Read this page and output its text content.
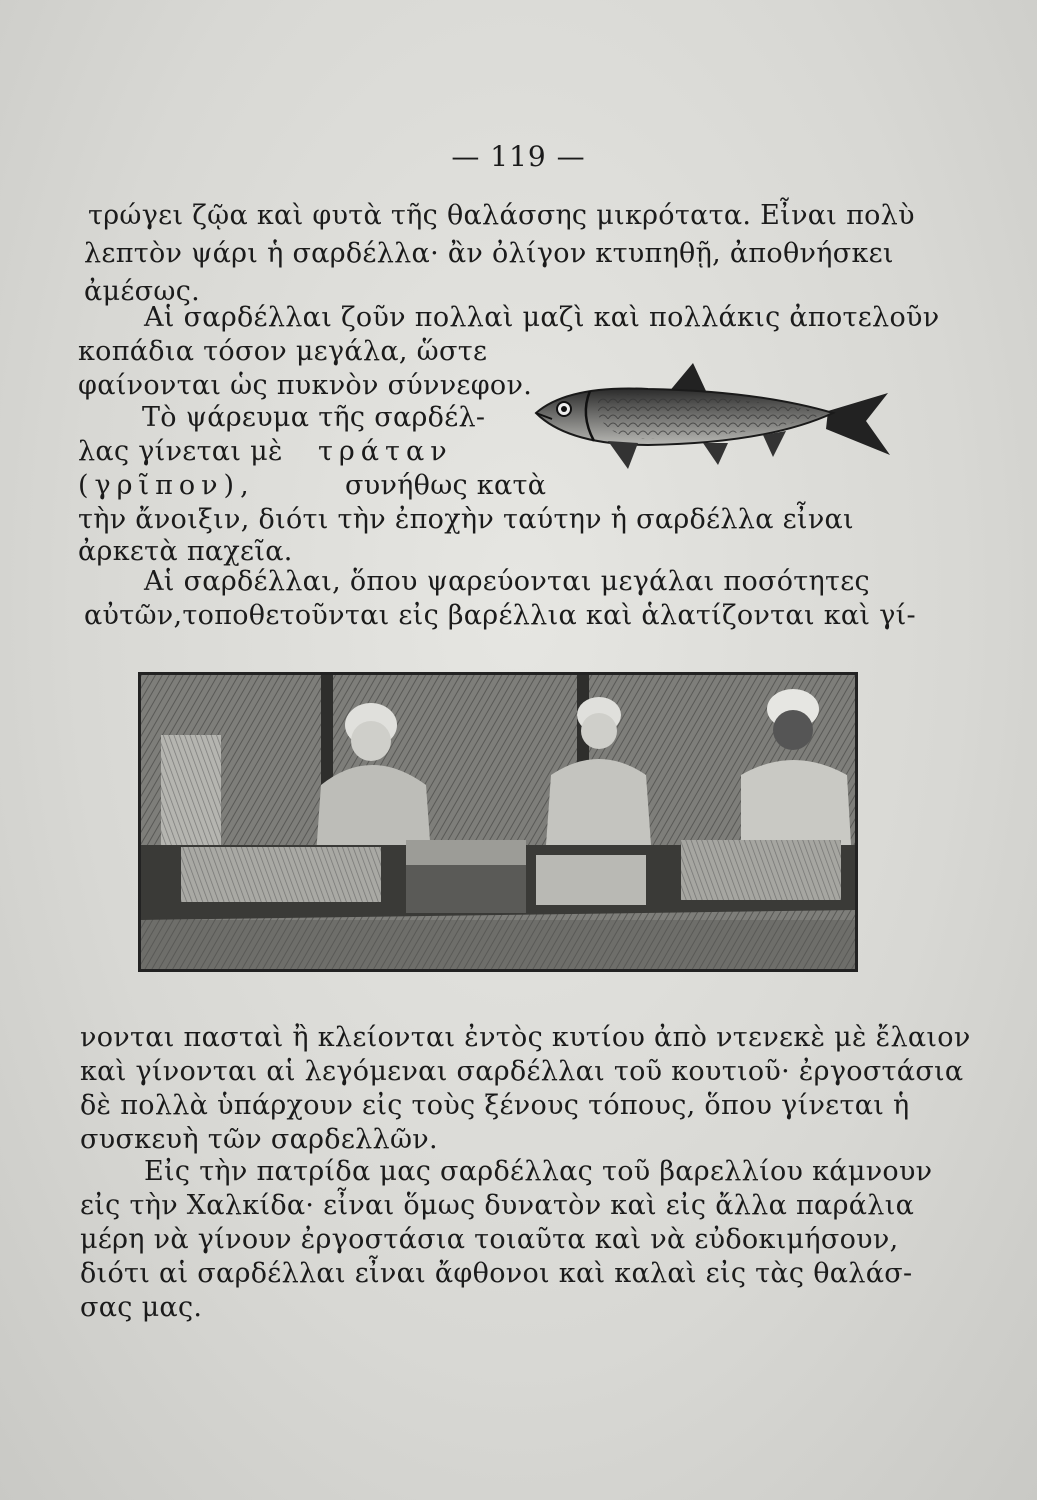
— 119 —
τρώγει ζῷα καὶ φυτὰ τῆς θαλάσσης μικρότατα. Εἶναι πολὺ
λεπτὸν ψάρι ἡ σαρδέλλα· ἂν ὀλίγον κτυπηθῇ, ἀποθνήσκει
ἀμέσως.
Αἱ σαρδέλλαι ζοῦν πολλαὶ μαζὶ καὶ πολλάκις ἀποτελοῦν
κοπάδια τόσον μεγάλα, ὥστε
φαίνονται ὡς πυκνὸν σύννεφον.
Τὸ ψάρευμα τῆς σαρδέλ-
λας γίνεται μὲ τράταν
(γρῖπον),	συνήθως κατὰ
τὴν ἄνοιξιν, διότι τὴν ἐποχὴν ταύτην ἡ σαρδέλλα εἶναι
ἀρκετὰ παχεῖα.
Αἱ σαρδέλλαι, ὅπου ψαρεύονται μεγάλαι ποσότητες
αὐτῶν,τοποθετοῦνται εἰς βαρέλλια καὶ ἁλατίζονται καὶ γί-
νονται πασταὶ ἢ κλείονται ἐντὸς κυτίου ἀπὸ ντενεκὲ μὲ ἔλαιον
καὶ γίνονται αἱ λεγόμεναι σαρδέλλαι τοῦ κουτιοῦ· ἐργοστάσια
δὲ πολλὰ ὑπάρχουν εἰς τοὺς ξένους τόπους, ὅπου γίνεται ἡ
συσκευὴ τῶν σαρδελλῶν.
Εἰς τὴν πατρίδα μας σαρδέλλας τοῦ βαρελλίου κάμνουν
εἰς τὴν Χαλκίδα· εἶναι ὅμως δυνατὸν καὶ εἰς ἄλλα παράλια
μέρη νὰ γίνουν ἐργοστάσια τοιαῦτα καὶ νὰ εὐδοκιμήσουν,
διότι αἱ σαρδέλλαι εἶναι ἄφθονοι καὶ καλαὶ εἰς τὰς θαλάσ-
σας μας.
